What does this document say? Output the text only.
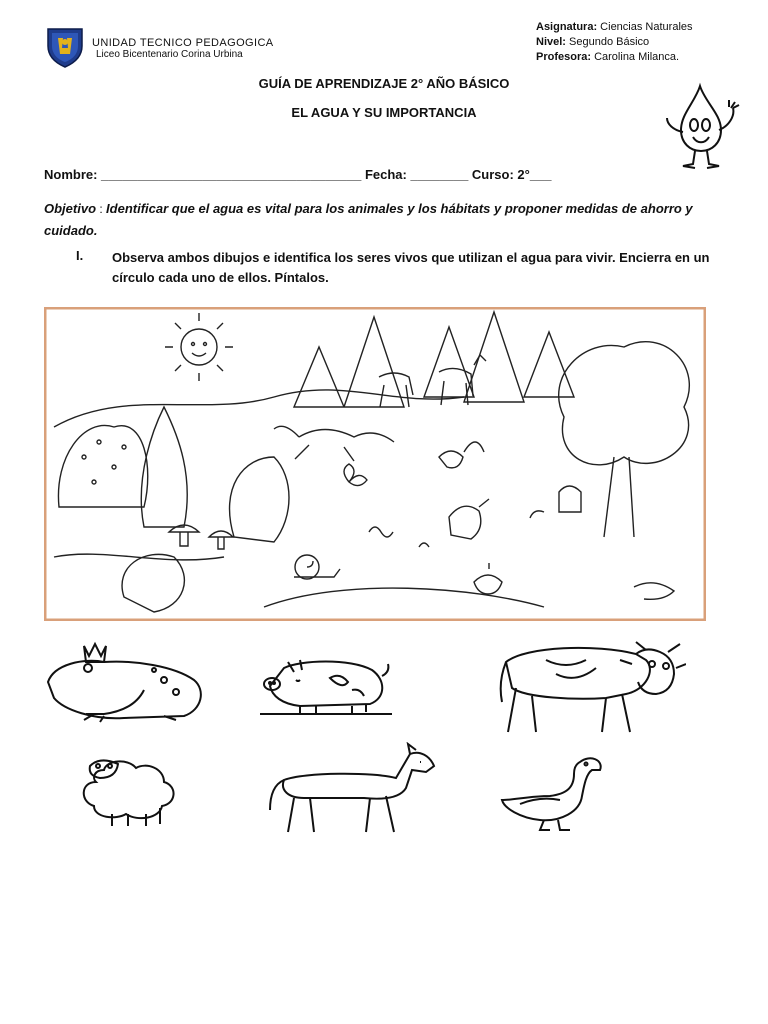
UNIDAD TECNICO PEDAGOGICA
Liceo Bicentenario Corina Urbina
Asignatura: Ciencias Naturales
Nivel: Segundo Básico
Profesora: Carolina Milanca.
GUÍA DE APRENDIZAJE 2° AÑO BÁSICO
EL AGUA Y SU IMPORTANCIA
Nombre: ____________________________________ Fecha: ________ Curso: 2°___
Objetivo : Identificar que el agua es vital para los animales y los hábitats y proponer medidas de ahorro y cuidado.
I. Observa ambos dibujos e identifica los seres vivos que utilizan el agua para vivir. Encierra en un círculo cada uno de ellos. Píntalos.
